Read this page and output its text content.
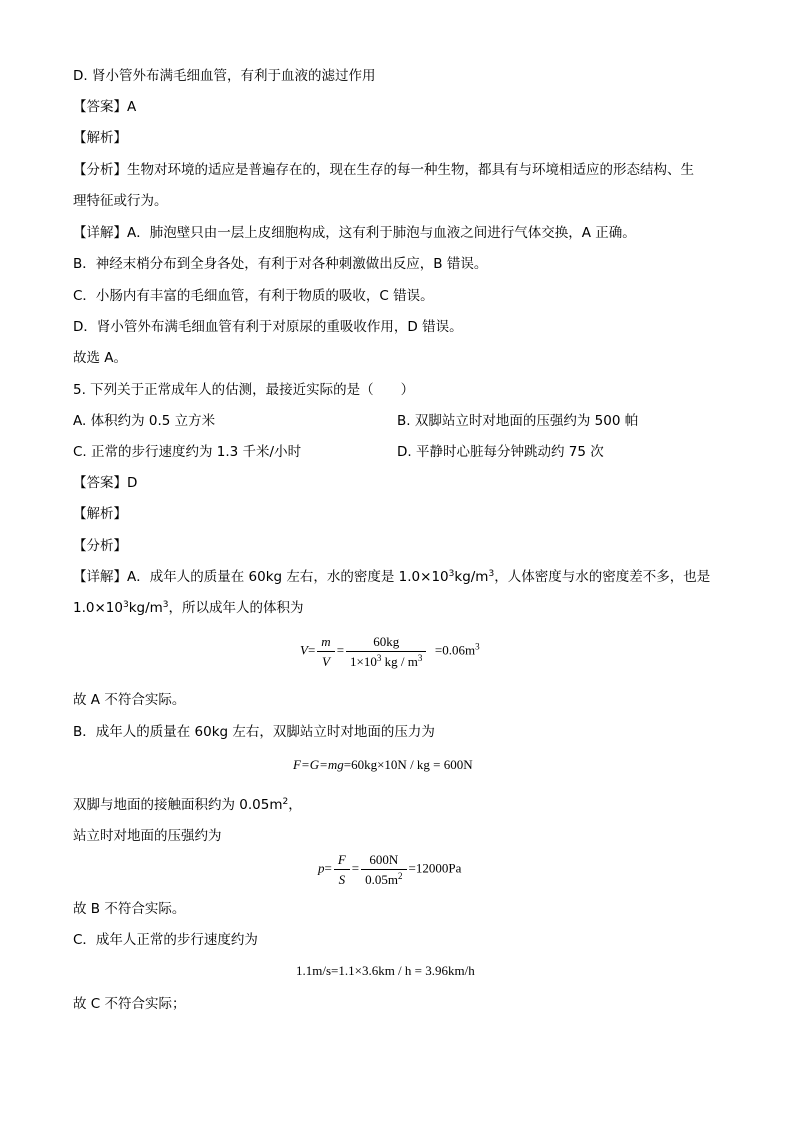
D. 肾小管外布满毛细血管，有利于血液的滤过作用
【答案】A
【解析】
【分析】生物对环境的适应是普遍存在的，现在生存的每一种生物，都具有与环境相适应的形态结构、生
理特征或行为。
【详解】A．肺泡壁只由一层上皮细胞构成，这有利于肺泡与血液之间进行气体交换，A 正确。
B．神经末梢分布到全身各处，有利于对各种刺激做出反应，B 错误。
C．小肠内有丰富的毛细血管，有利于物质的吸收，C 错误。
D．肾小管外布满毛细血管有利于对原尿的重吸收作用，D 错误。
故选 A。
5. 下列关于正常成年人的估测，最接近实际的是（　　）
A. 体积约为 0.5 立方米	B. 双脚站立时对地面的压强约为 500 帕
C. 正常的步行速度约为 1.3 千米/小时	D. 平静时心脏每分钟跳动约 75 次
【答案】D
【解析】
【分析】
【详解】A．成年人的质量在 60kg 左右，水的密度是 $1.0\times 10^3kg/m^3$，人体密度与水的密度差不多，也是
$1.0\times 10^3kg/m^3$，所以成年人的体积为
$V= \frac{m}{V} = \frac{60kg}{1\times 10^3 kg / m^3} =0.06m^3$
故 A 不符合实际。
B．成年人的质量在 60kg 左右，双脚站立时对地面的压力为
F=G=mg=60kg×10N / kg = 600N
双脚与地面的接触面积约为 $0.05m^2$，
站立时对地面的压强约为
$p= \frac{F}{S} = \frac{600N}{0.05m^2} =12000Pa$
故 B 不符合实际。
C．成年人正常的步行速度约为
1.1m/s=1.1×3.6km / h = 3.96km/h
故 C 不符合实际；
